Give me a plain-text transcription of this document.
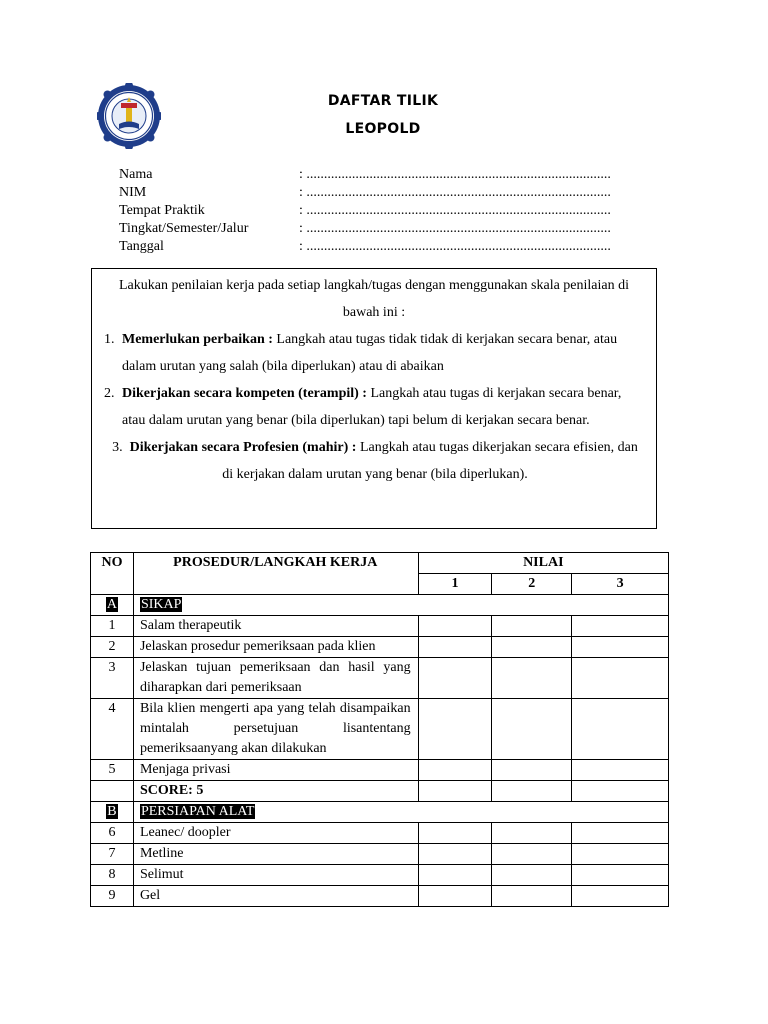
DAFTAR TILIK
LEOPOLD
Nama	: .......................................................................................
NIM	: .......................................................................................
Tempat Praktik	: .......................................................................................
Tingkat/Semester/Jalur	: .......................................................................................
Tanggal	: .......................................................................................
Lakukan penilaian kerja pada setiap langkah/tugas dengan menggunakan skala penilaian di bawah ini :
1. Memerlukan perbaikan : Langkah atau tugas tidak tidak di kerjakan secara benar, atau dalam urutan yang salah (bila diperlukan) atau di abaikan
2. Dikerjakan secara kompeten (terampil) : Langkah atau tugas di kerjakan secara benar, atau dalam urutan yang benar (bila diperlukan) tapi belum di kerjakan secara benar.
3. Dikerjakan secara Profesien (mahir) : Langkah atau tugas dikerjakan secara efisien, dan di kerjakan dalam urutan yang benar (bila diperlukan).
NO	PROSEDUR/LANGKAH KERJA	NILAI		
		1	2	3
A	SIKAP			
1	Salam therapeutik			
2	Jelaskan prosedur pemeriksaan pada klien			
3	Jelaskan tujuan pemeriksaan dan hasil yang diharapkan dari pemeriksaan			
4	Bila klien mengerti apa yang telah disampaikan mintalah persetujuan lisantentang pemeriksaanyang akan dilakukan			
5	Menjaga privasi			
	SCORE: 5			
B	PERSIAPAN ALAT			
6	Leanec/ doopler			
7	Metline			
8	Selimut			
9	Gel			
